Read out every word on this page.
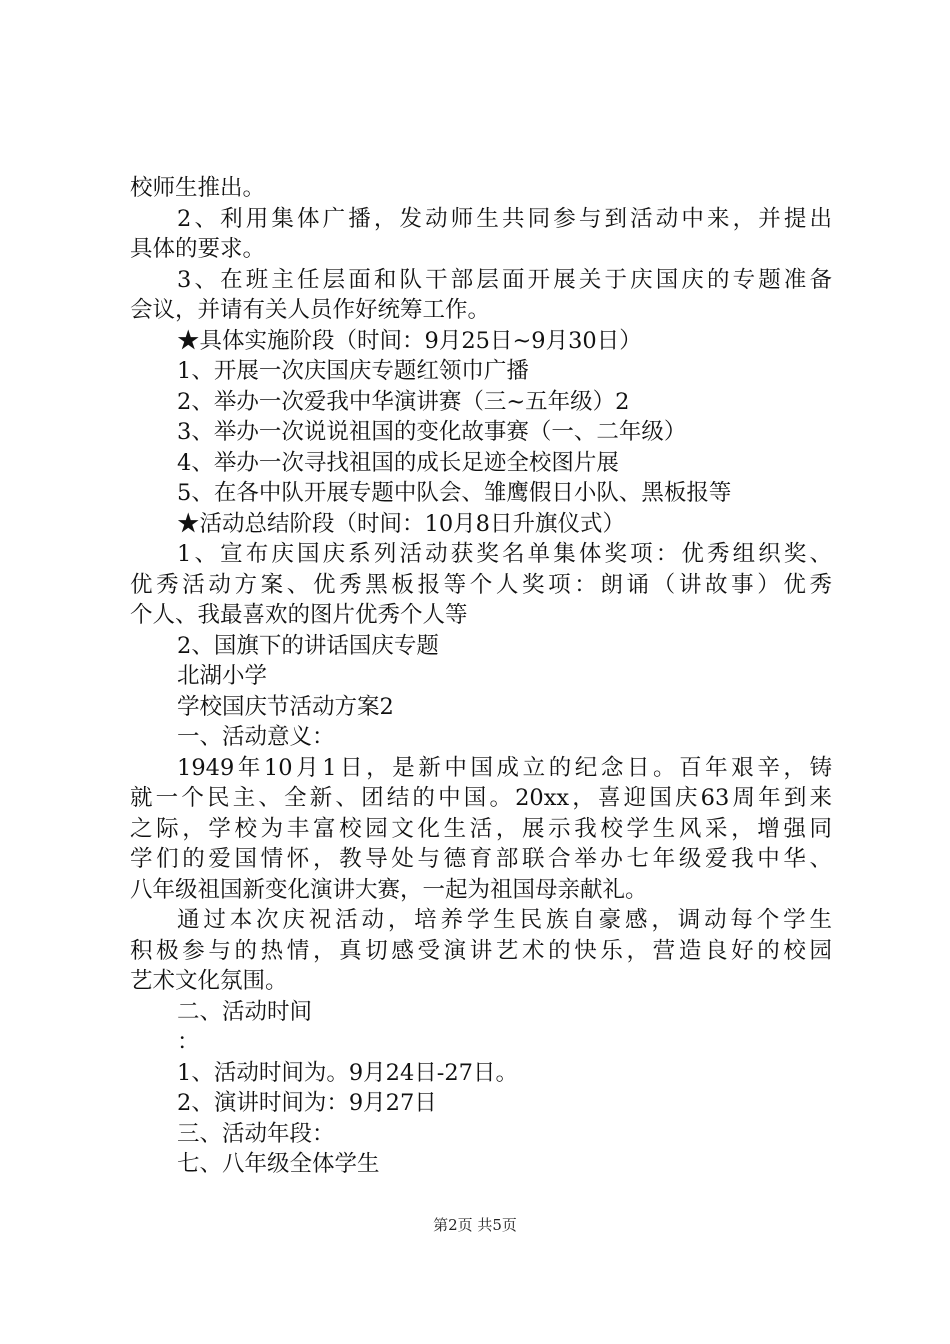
校师生推出。
2、利用集体广播，发动师生共同参与到活动中来，并提出
具体的要求。
3、在班主任层面和队干部层面开展关于庆国庆的专题准备
会议，并请有关人员作好统筹工作。
★具体实施阶段（时间：9月25日~9月30日）
1、开展一次庆国庆专题红领巾广播
2、举办一次爱我中华演讲赛（三~五年级）2
3、举办一次说说祖国的变化故事赛（一、二年级）
4、举办一次寻找祖国的成长足迹全校图片展
5、在各中队开展专题中队会、雏鹰假日小队、黑板报等
★活动总结阶段（时间：10月8日升旗仪式）
1、宣布庆国庆系列活动获奖名单集体奖项：优秀组织奖、
优秀活动方案、优秀黑板报等个人奖项：朗诵（讲故事）优秀
个人、我最喜欢的图片优秀个人等
2、国旗下的讲话国庆专题
北湖小学
学校国庆节活动方案2
一、活动意义：
1949年10月1日，是新中国成立的纪念日。百年艰辛，铸
就一个民主、全新、团结的中国。20xx，喜迎国庆63周年到来
之际，学校为丰富校园文化生活，展示我校学生风采，增强同
学们的爱国情怀，教导处与德育部联合举办七年级爱我中华、
八年级祖国新变化演讲大赛，一起为祖国母亲献礼。
通过本次庆祝活动，培养学生民族自豪感，调动每个学生
积极参与的热情，真切感受演讲艺术的快乐，营造良好的校园
艺术文化氛围。
二、活动时间
：
1、活动时间为。9月24日-27日。
2、演讲时间为：9月27日
三、活动年段：
七、八年级全体学生
第2页 共5页
